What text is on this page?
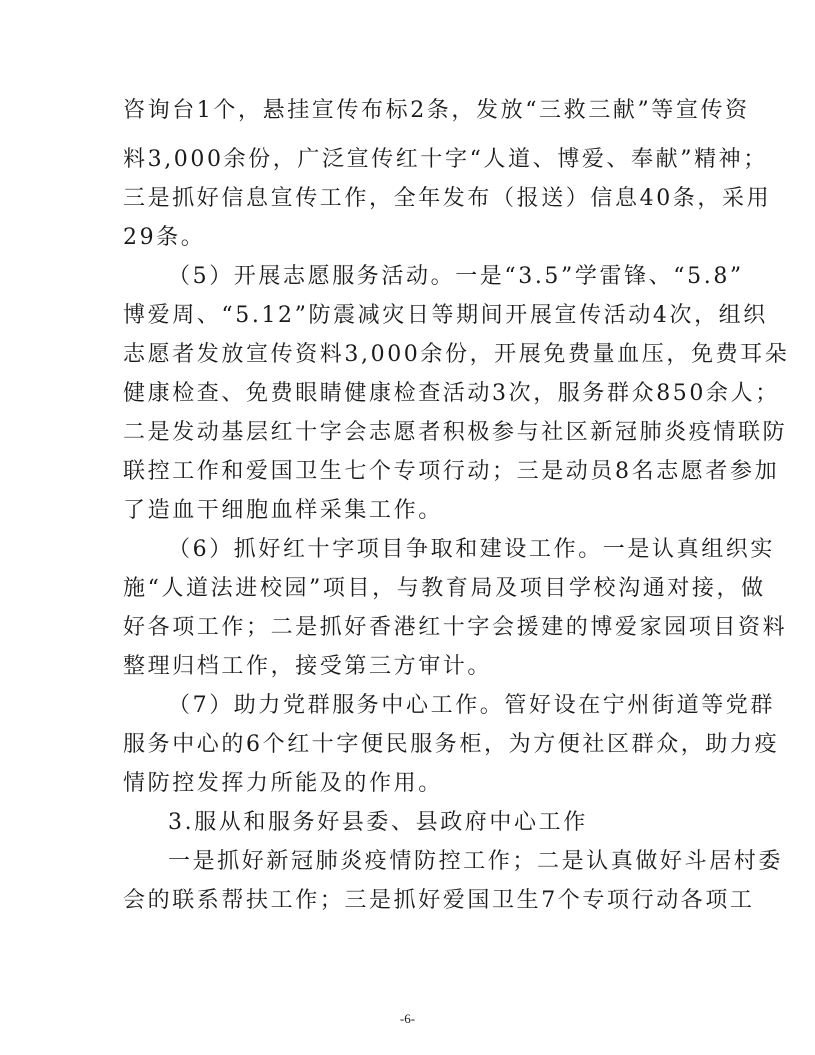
咨询台1个，悬挂宣传布标2条，发放“三救三献”等宣传资
料3,000余份，广泛宣传红十字“人道、博爱、奉献”精神；
三是抓好信息宣传工作，全年发布（报送）信息40条，采用
29条。
（5）开展志愿服务活动。一是“3.5”学雷锋、“5.8”
博爱周、“5.12”防震减灾日等期间开展宣传活动4次，组织
志愿者发放宣传资料3,000余份，开展免费量血压，免费耳朵
健康检查、免费眼睛健康检查活动3次，服务群众850余人；
二是发动基层红十字会志愿者积极参与社区新冠肺炎疫情联防
联控工作和爱国卫生七个专项行动；三是动员8名志愿者参加
了造血干细胞血样采集工作。
（6）抓好红十字项目争取和建设工作。一是认真组织实
施“人道法进校园”项目，与教育局及项目学校沟通对接，做
好各项工作；二是抓好香港红十字会援建的博爱家园项目资料
整理归档工作，接受第三方审计。
（7）助力党群服务中心工作。管好设在宁州街道等党群
服务中心的6个红十字便民服务柜，为方便社区群众，助力疫
情防控发挥力所能及的作用。
3.服从和服务好县委、县政府中心工作
一是抓好新冠肺炎疫情防控工作；二是认真做好斗居村委
会的联系帮扶工作；三是抓好爱国卫生7个专项行动各项工
-6-
